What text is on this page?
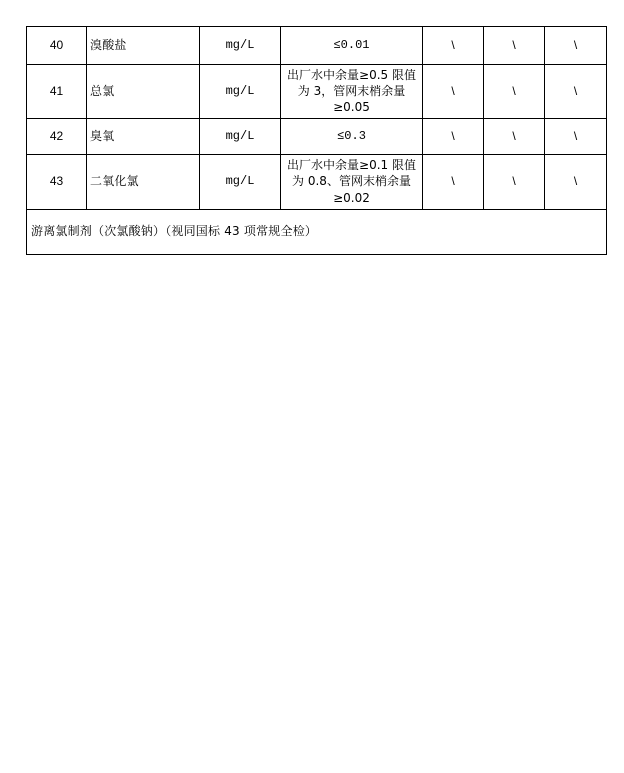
40	溴酸盐	mg/L	≤0.01	\	\	\
41	总氯	mg/L	出厂水中余量≥0.5 限值为 3，管网末梢余量≥0.05	\	\	\
42	臭氧	mg/L	≤0.3	\	\	\
43	二氧化氯	mg/L	出厂水中余量≥0.1 限值为 0.8、管网末梢余量≥0.02	\	\	\
游离氯制剂（次氯酸钠）（视同国标 43 项常规全检）						
